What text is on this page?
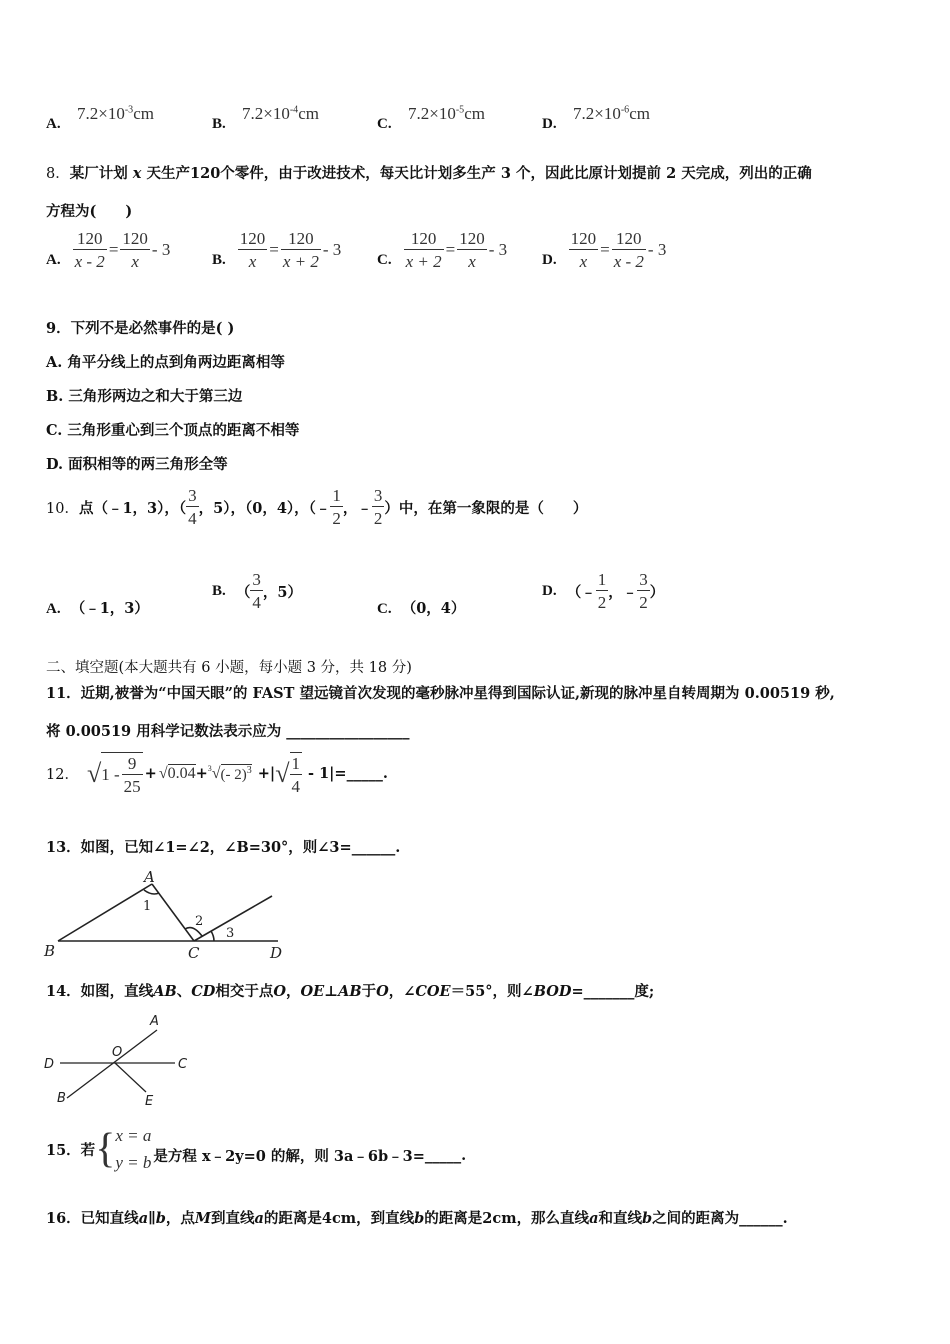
A.
$7.2\times 10^{-3}cm$
B.
$7.2\times 10^{-4}cm$
C.
$7.2\times 10^{-5}cm$
D.
$7.2\times 10^{-6}cm$
8．某厂计划 x 天生产120个零件，由于改进技术，每天比计划多生产 3 个，因此比原计划提前 2 天完成，列出的正确
方程为(　　)
A. $\frac{120}{x - 2} = \frac{120}{x} - 3$
B. $\frac{120}{x} = \frac{120}{x + 2} - 3$
C. $\frac{120}{x + 2} = \frac{120}{x} - 3$
D. $\frac{120}{x} = \frac{120}{x - 2} - 3$
9．下列不是必然事件的是( )
A. 角平分线上的点到角两边距离相等
B. 三角形两边之和大于第三边
C. 三角形重心到三个顶点的距离不相等
D. 面积相等的两三角形全等
10． 点（﹣1，3），（ $\frac{3}{4}$ ，5），（0，4），（﹣ $\frac{1}{2}$ ，﹣ $\frac{3}{2}$ ）中，在第一象限的是（　　）
A. （﹣1，3）
B.
（ $\frac{3}{4}$ ，5）
C. （0，4）
D.
（﹣ $\frac{1}{2}$ ，﹣ $\frac{3}{2}$ ）
二、填空题(本大题共有 6 小题，每小题 3 分，共 18 分)
11．近期,被誉为“中国天眼”的 FAST 望远镜首次发现的毫秒脉冲星得到国际认证,新现的脉冲星自转周期为 0.00519 秒,
将 0.00519 用科学记数法表示应为 _________________
12． √ $1 - \frac{9}{25}$ + √ 0.04 + 3 √ (- 2)$^3$ +| √ $\frac{1}{4} - 1|=$ _____ .
13．如图，已知∠1=∠2，∠B=30°，则∠3=______.
A
B	C	D
1
2
3
14．如图，直线AB、CD相交于点O，OE⊥AB于O，∠COE＝55°，则∠BOD=_______度;
A
B
C
D
O
E
15．若 { x = a
y = b 是方程 x﹣2y=0 的解，则 3a﹣6b﹣3= _____ .
16．已知直线a∥b，点M到直线a的距离是4cm，到直线b的距离是2cm，那么直线a和直线b之间的距离为______.
